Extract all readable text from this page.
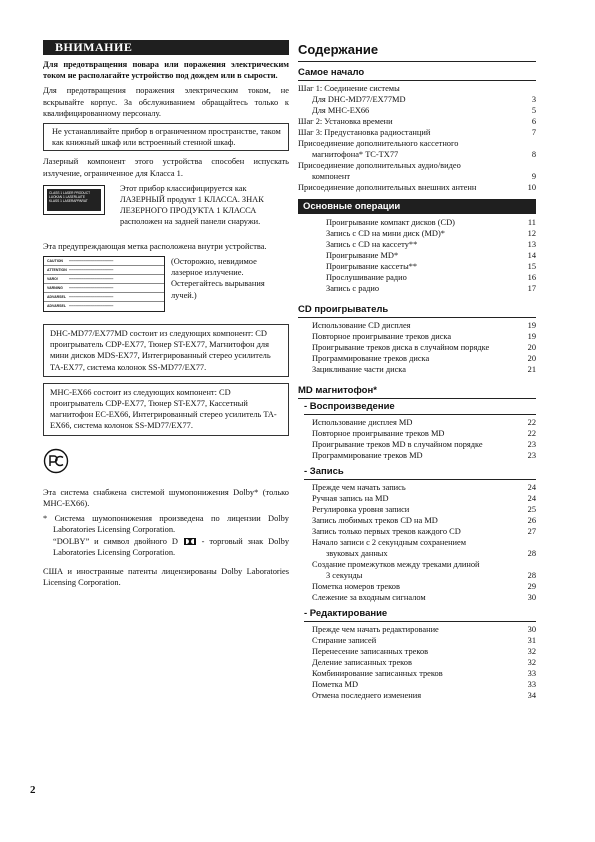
ВНИМАНИЕ

Для предотвращения повара или поражения электрическим током не располагайте устройство под дождем или в сырости.

Для предотвращения поражения электрическим током, не вскрывайте корпус. За обслуживанием обращайтесь только к квалифицированному персоналу.

Не устанавливайте прибор в ограниченном пространстве, таком как книжный шкаф или встроенный стенной шкаф.

Лазерный компонент этого устройства способен испускать излучение, ограниченное для Класса 1.

CLASS 1 LASER PRODUCT
LUOKAN 1 LASERLAITE
KLASS 1 LASERAPPARAT
Этот прибор классифицируется как ЛАЗЕРНЫЙ продукт 1 КЛАССА. ЗНАК ЛЕЗЕРНОГО ПРОДУКТА 1 КЛАССА расположен на задней панели снаружи.

Эта предупреждающая метка расположена внутри устройства.

CAUTION ━━━━━━━━━━━━━━━━━━━━━
ATTENTION ━━━━━━━━━━━━━━━━━━━━━
VARO!	━━━━━━━━━━━━━━━━━━━━━
VARNING ━━━━━━━━━━━━━━━━━━━━━
ADVARSEL ━━━━━━━━━━━━━━━━━━━━━
ADVARSEL ━━━━━━━━━━━━━━━━━━━━━
(Осторожно, невидимое лазерное излучение. Остерегайтесь вырывания лучей.)
DHC-MD77/EX77MD состоит из следующих компонент: CD проигрыватель CDP-EX77, Тюнер ST-EX77, Магнитофон для мини дисков MDS-EX77, Интегрированный стерео усилитель TA-EX77, система колонок SS-MD77/EX77.
MHC-EX66 состоит из следующих компонент: CD проигрыватель CDP-EX77, Тюнер ST-EX77, Кассетный магнитофон EC-EX66, Интегрированный стерео усилитель TA-EX66, система колонок SS-MD77/EX77.

Эта система снабжена системой шумопонижения Dolby* (только MHC-EX66).

* Система шумопонижения произведена по лицензии Dolby Laboratories Licensing Corporation.

“DOLBY” и символ двойного D	- торговый знак Dolby Laboratories Licensing Corporation.

США и иностранные патенты лицензированы Dolby Laboratories Licensing Corporation.

Содержание
Самое начало
Шаг 1: Соединение системы
Для DHC-MD77/EX77MD	3
Для MHC-EX66	5
Шаг 2: Установка времени	6
Шаг 3: Предустановка радиостанций	7
Присоединение дополнительного кассетного
магнитофона* TC-TX77	8
Присоединение дополнительных аудио/видео
компонент	9
Присоединение дополнительных внешних антенн	10
Основные операции
Проигрывание компакт дисков (CD)	11
Запись с CD на мини диск (MD)*	12
Запись с CD на кассету**	13
Проигрывание MD*	14
Проигрывание кассеты**	15
Прослушивание радио	16
Запись с радио	17
CD проигрыватель
Использование CD дисплея	19
Повторное проигрывание треков диска	19
Проигрывание треков диска в случайном порядке	20
Программирование треков диска	20
Зацикливание части диска	21
MD магнитофон*
- Воспроизведение
Использование дисплея MD	22
Повторное проигрывание треков MD	22
Проигрывание треков MD в случайном порядке	23
Программирование треков MD	23
- Запись
Прежде чем начать запись	24
Ручная запись на MD	24
Регулировка уровня записи	25
Запись любимых треков CD на MD	26
Запись только первых треков каждого CD	27
Начало записи с 2 секундным сохранением
звуковых данных	28
Создание промежутков между треками длиной
3 секунды	28
Пометка номеров треков	29
Слежение за входным сигналом	30
- Редактирование
Прежде чем начать редактирование	30
Стирание записей	31
Перенесение записанных треков	32
Деление записанных треков	32
Комбинирование записанных треков	33
Пометка MD	33
Отмена последнего изменения	34
2
